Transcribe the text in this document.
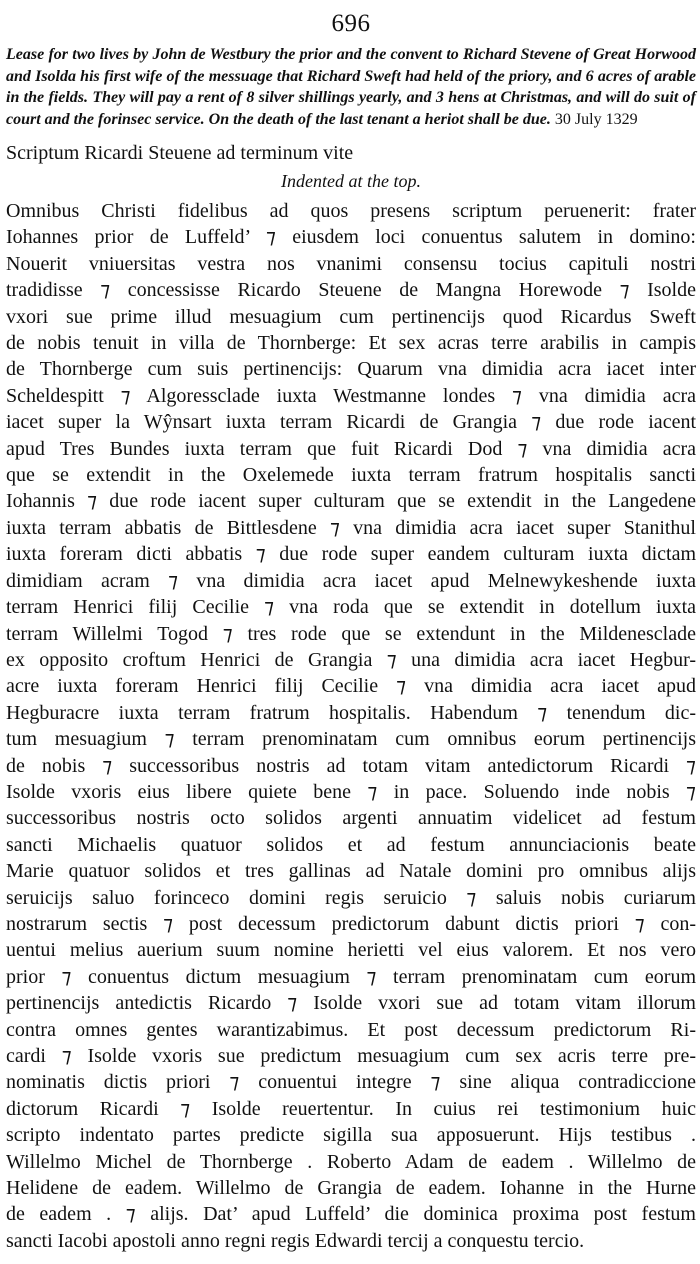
696

Lease for two lives by John de Westbury the prior and the convent to Richard Stevene of Great Horwood and Isolda his first wife of the messuage that Richard Sweft had held of the priory, and 6 acres of arable in the fields. They will pay a rent of 8 silver shillings yearly, and 3 hens at Christmas, and will do suit of court and the forinsec service. On the death of the last tenant a heriot shall be due. 30 July 1329

Scriptum Ricardi Steuene ad terminum vite
Indented at the top.
Omnibus Christi fidelibus ad quos presens scriptum peruenerit: frater
Iohannes prior de Luffeld’ ⁊ eiusdem loci conuentus salutem in domino:
Nouerit vniuersitas vestra nos vnanimi consensu tocius capituli nostri
tradidisse ⁊ concessisse Ricardo Steuene de Mangna Horewode ⁊ Isolde
vxori sue prime illud mesuagium cum pertinencijs quod Ricardus Sweft
de nobis tenuit in villa de Thornberge: Et sex acras terre arabilis in campis
de Thornberge cum suis pertinencijs: Quarum vna dimidia acra iacet inter
Scheldespitt ⁊ Algoressclade iuxta Westmanne londes ⁊ vna dimidia acra
iacet super la Wŷnsart iuxta terram Ricardi de Grangia ⁊ due rode iacent
apud Tres Bundes iuxta terram que fuit Ricardi Dod ⁊ vna dimidia acra
que se extendit in the Oxelemede iuxta terram fratrum hospitalis sancti
Iohannis ⁊ due rode iacent super culturam que se extendit in the Langedene
iuxta terram abbatis de Bittlesdene ⁊ vna dimidia acra iacet super Stanithul
iuxta foreram dicti abbatis ⁊ due rode super eandem culturam iuxta dictam
dimidiam acram ⁊ vna dimidia acra iacet apud Melnewykeshende iuxta
terram Henrici filij Cecilie ⁊ vna roda que se extendit in dotellum iuxta
terram Willelmi Togod ⁊ tres rode que se extendunt in the Mildenesclade
ex opposito croftum Henrici de Grangia ⁊ una dimidia acra iacet Hegbur-
acre iuxta foreram Henrici filij Cecilie ⁊ vna dimidia acra iacet apud
Hegburacre iuxta terram fratrum hospitalis. Habendum ⁊ tenendum dic-
tum mesuagium ⁊ terram prenominatam cum omnibus eorum pertinencijs
de nobis ⁊ successoribus nostris ad totam vitam antedictorum Ricardi ⁊
Isolde vxoris eius libere quiete bene ⁊ in pace. Soluendo inde nobis ⁊
successoribus nostris octo solidos argenti annuatim videlicet ad festum
sancti Michaelis quatuor solidos et ad festum annunciacionis beate
Marie quatuor solidos et tres gallinas ad Natale domini pro omnibus alijs
seruicijs saluo forinceco domini regis seruicio ⁊ saluis nobis curiarum
nostrarum sectis ⁊ post decessum predictorum dabunt dictis priori ⁊ con-
uentui melius auerium suum nomine herietti vel eius valorem. Et nos vero
prior ⁊ conuentus dictum mesuagium ⁊ terram prenominatam cum eorum
pertinencijs antedictis Ricardo ⁊ Isolde vxori sue ad totam vitam illorum
contra omnes gentes warantizabimus. Et post decessum predictorum Ri-
cardi ⁊ Isolde vxoris sue predictum mesuagium cum sex acris terre pre-
nominatis dictis priori ⁊ conuentui integre ⁊ sine aliqua contradiccione
dictorum Ricardi ⁊ Isolde reuertentur. In cuius rei testimonium huic
scripto indentato partes predicte sigilla sua apposuerunt. Hijs testibus .
Willelmo Michel de Thornberge . Roberto Adam de eadem . Willelmo de
Helidene de eadem. Willelmo de Grangia de eadem. Iohanne in the Hurne
de eadem . ⁊ alijs. Dat’ apud Luffeld’ die dominica proxima post festum
sancti Iacobi apostoli anno regni regis Edwardi tercij a conquestu tercio.
